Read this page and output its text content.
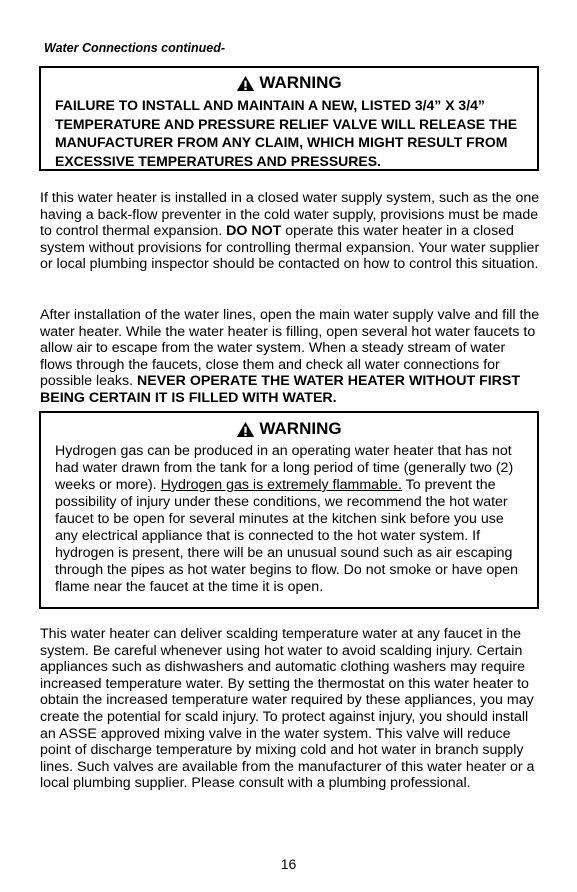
Water Connections continued-
WARNING
FAILURE TO INSTALL AND MAINTAIN A NEW, LISTED 3/4” X 3/4” TEMPERATURE AND PRESSURE RELIEF VALVE WILL RELEASE THE MANUFACTURER FROM ANY CLAIM, WHICH MIGHT RESULT FROM EXCESSIVE TEMPERATURES AND PRESSURES.
If this water heater is installed in a closed water supply system, such as the one having a back-flow preventer in the cold water supply, provisions must be made to control thermal expansion. DO NOT operate this water heater in a closed system without provisions for controlling thermal expansion. Your water supplier or local plumbing inspector should be contacted on how to control this situation.
After installation of the water lines, open the main water supply valve and fill the water heater. While the water heater is filling, open several hot water faucets to allow air to escape from the water system. When a steady stream of water flows through the faucets, close them and check all water connections for possible leaks. NEVER OPERATE THE WATER HEATER WITHOUT FIRST BEING CERTAIN IT IS FILLED WITH WATER.
WARNING
Hydrogen gas can be produced in an operating water heater that has not had water drawn from the tank for a long period of time (generally two (2) weeks or more). Hydrogen gas is extremely flammable. To prevent the possibility of injury under these conditions, we recommend the hot water faucet to be open for several minutes at the kitchen sink before you use any electrical appliance that is connected to the hot water system. If hydrogen is present, there will be an unusual sound such as air escaping through the pipes as hot water begins to flow. Do not smoke or have open flame near the faucet at the time it is open.
This water heater can deliver scalding temperature water at any faucet in the system. Be careful whenever using hot water to avoid scalding injury. Certain appliances such as dishwashers and automatic clothing washers may require increased temperature water. By setting the thermostat on this water heater to obtain the increased temperature water required by these appliances, you may create the potential for scald injury. To protect against injury, you should install an ASSE approved mixing valve in the water system. This valve will reduce point of discharge temperature by mixing cold and hot water in branch supply lines. Such valves are available from the manufacturer of this water heater or a local plumbing supplier. Please consult with a plumbing professional.
16
